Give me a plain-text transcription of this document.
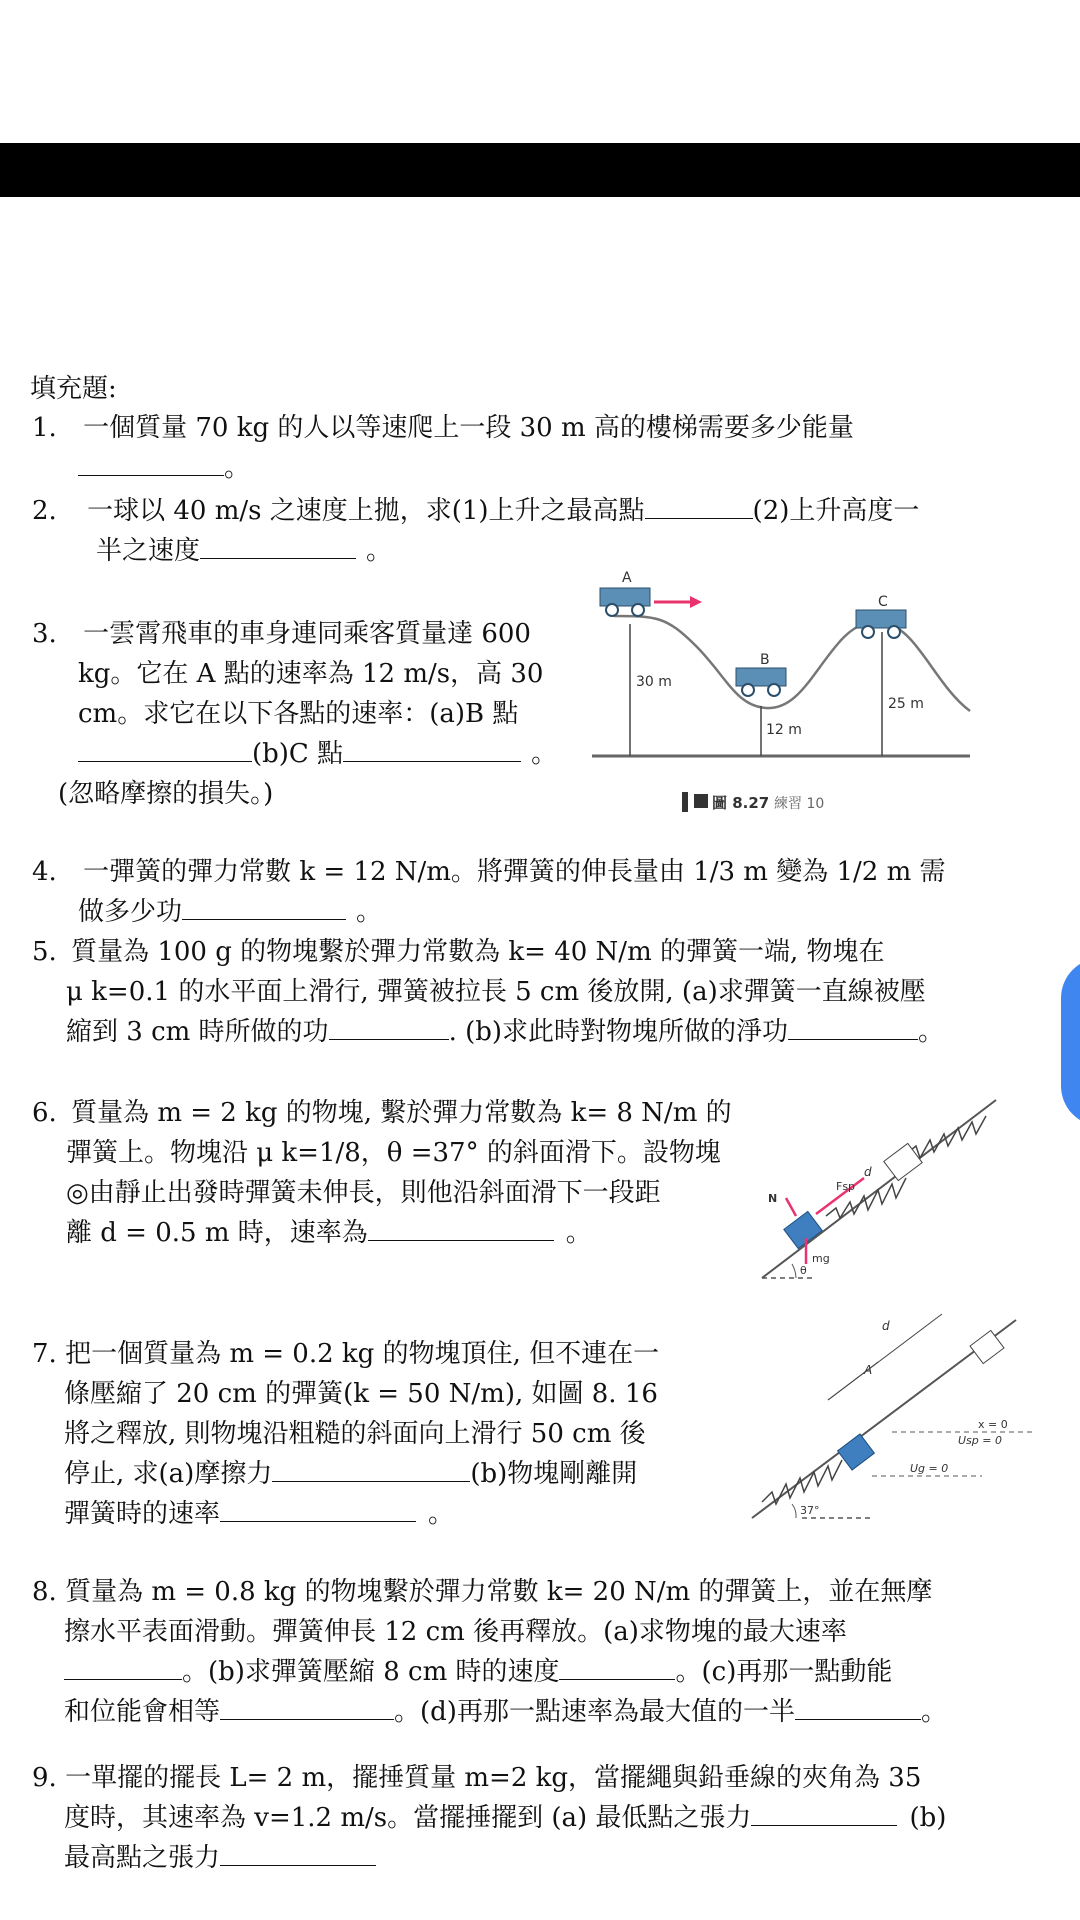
填充題:
1. 一個質量 70 kg 的人以等速爬上一段 30 m 高的樓梯需要多少能量
。
2. 一球以 40 m/s 之速度上拋，求(1)上升之最高點	(2)上升高度一
半之速度	。
3. 一雲霄飛車的車身連同乘客質量達 600
kg。它在 A 點的速率為 12 m/s，高 30
cm。求它在以下各點的速率：(a)B 點
(b)C 點	。
(忽略摩擦的損失。)
A
B
C
30 m
12 m
25 m
圖 8.27 練習 10
4. 一彈簧的彈力常數 k = 12 N/m。將彈簧的伸長量由 1/3 m 變為 1/2 m 需
做多少功	。
5. 質量為 100 g 的物塊繫於彈力常數為 k= 40 N/m 的彈簧一端, 物塊在
μ k=0.1 的水平面上滑行, 彈簧被拉長 5 cm 後放開, (a)求彈簧一直線被壓
縮到 3 cm 時所做的功	. (b)求此時對物塊所做的淨功	。
6. 質量為 m = 2 kg 的物塊, 繫於彈力常數為 k= 8 N/m 的
彈簧上。物塊沿 μ k=1/8，θ =37° 的斜面滑下。設物塊
◎由靜止出發時彈簧未伸長，則他沿斜面滑下一段距
離 d = 0.5 m 時，速率為	。
d
Fsp
N
mg
θ
7. 把一個質量為 m = 0.2 kg 的物塊頂住, 但不連在一
條壓縮了 20 cm 的彈簧(k = 50 N/m), 如圖 8. 16
將之釋放, 則物塊沿粗糙的斜面向上滑行 50 cm 後
停止, 求(a)摩擦力	(b)物塊剛離開
彈簧時的速率	。	37°
d
A
x = 0
Usp = 0
Ug = 0
8. 質量為 m = 0.8 kg 的物塊繫於彈力常數 k= 20 N/m 的彈簧上，並在無摩
擦水平表面滑動。彈簧伸長 12 cm 後再釋放。(a)求物塊的最大速率
。(b)求彈簧壓縮 8 cm 時的速度	。(c)再那一點動能
和位能會相等	。(d)再那一點速率為最大值的一半	。
9. 一單擺的擺長 L= 2 m，擺捶質量 m=2 kg，當擺繩與鉛垂線的夾角為 35
度時，其速率為 v=1.2 m/s。當擺捶擺到 (a) 最低點之張力	(b)
最高點之張力
